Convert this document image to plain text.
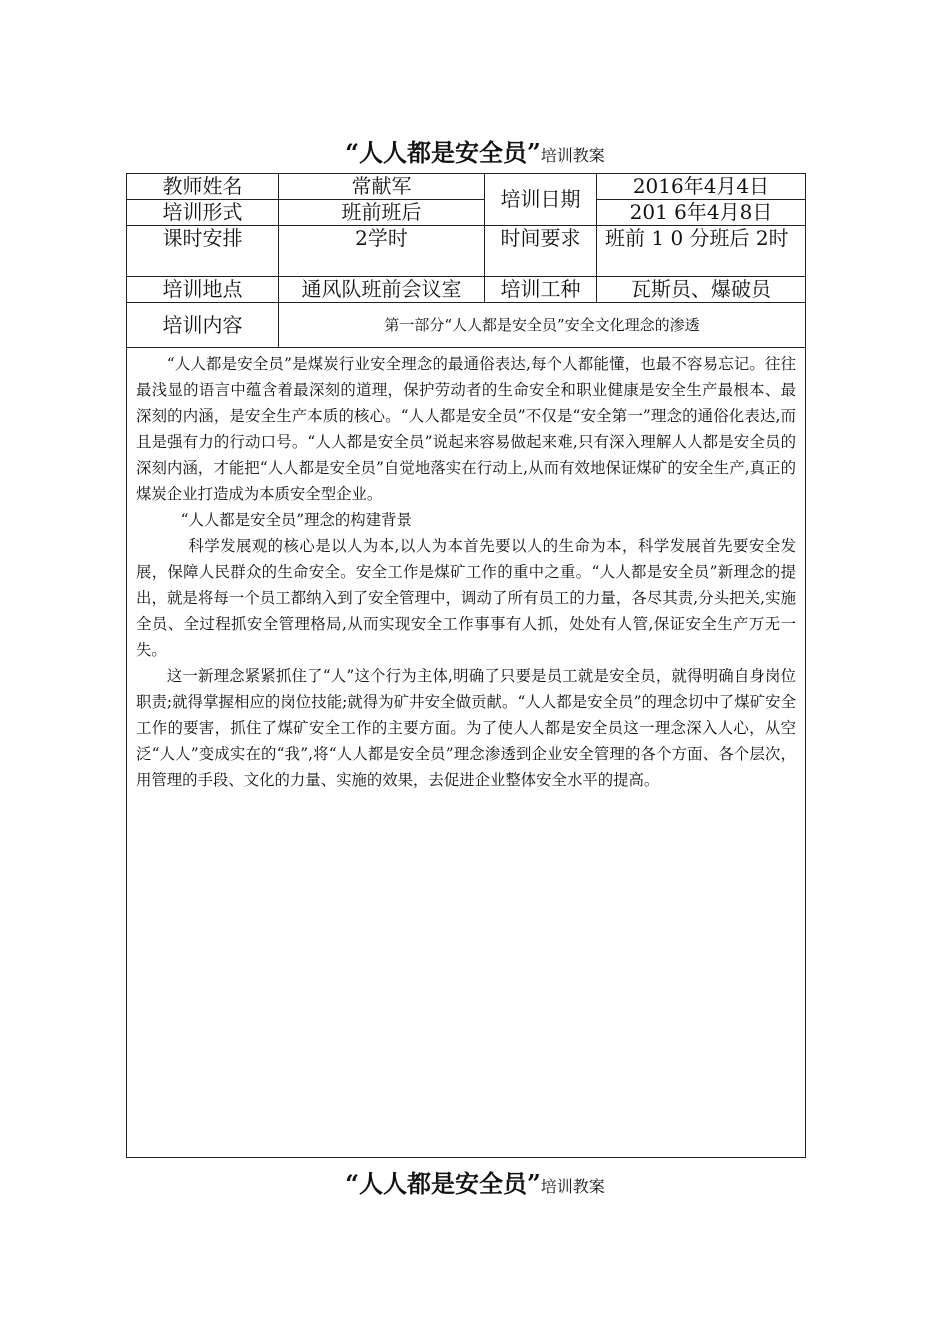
“人人都是安全员”培训教案
教师姓名	常献军	培训日期	2016年4月4日
培训形式	班前班后		201 6年4月8日
课时安排	2学时	时间要求	班前 1 0 分班后 2时
培训地点	通风队班前会议室	培训工种	瓦斯员、爆破员
培训内容	第一部分“人人都是安全员”安全文化理念的渗透		

“人人都是安全员”是煤炭行业安全理念的最通俗表达,每个人都能懂，也最不容易忘记。往往最浅显的语言中蕴含着最深刻的道理，保护劳动者的生命安全和职业健康是安全生产最根本、最深刻的内涵，是安全生产本质的核心。“人人都是安全员”不仅是“安全第一”理念的通俗化表达,而且是强有力的行动口号。“人人都是安全员”说起来容易做起来难,只有深入理解人人都是安全员的深刻内涵，才能把“人人都是安全员”自觉地落实在行动上,从而有效地保证煤矿的安全生产,真正的煤炭企业打造成为本质安全型企业。

“人人都是安全员”理念的构建背景

科学发展观的核心是以人为本,以人为本首先要以人的生命为本，科学发展首先要安全发展，保障人民群众的生命安全。安全工作是煤矿工作的重中之重。“人人都是安全员”新理念的提出，就是将每一个员工都纳入到了安全管理中，调动了所有员工的力量，各尽其责,分头把关,实施全员、全过程抓安全管理格局,从而实现安全工作事事有人抓，处处有人管,保证安全生产万无一失。

这一新理念紧紧抓住了“人”这个行为主体,明确了只要是员工就是安全员，就得明确自身岗位职责;就得掌握相应的岗位技能;就得为矿井安全做贡献。“人人都是安全员”的理念切中了煤矿安全工作的要害，抓住了煤矿安全工作的主要方面。为了使人人都是安全员这一理念深入人心，从空泛“人人”变成实在的“我”,将“人人都是安全员”理念渗透到企业安全管理的各个方面、各个层次，用管理的手段、文化的力量、实施的效果，去促进企业整体安全水平的提高。			

“人人都是安全员”培训教案
